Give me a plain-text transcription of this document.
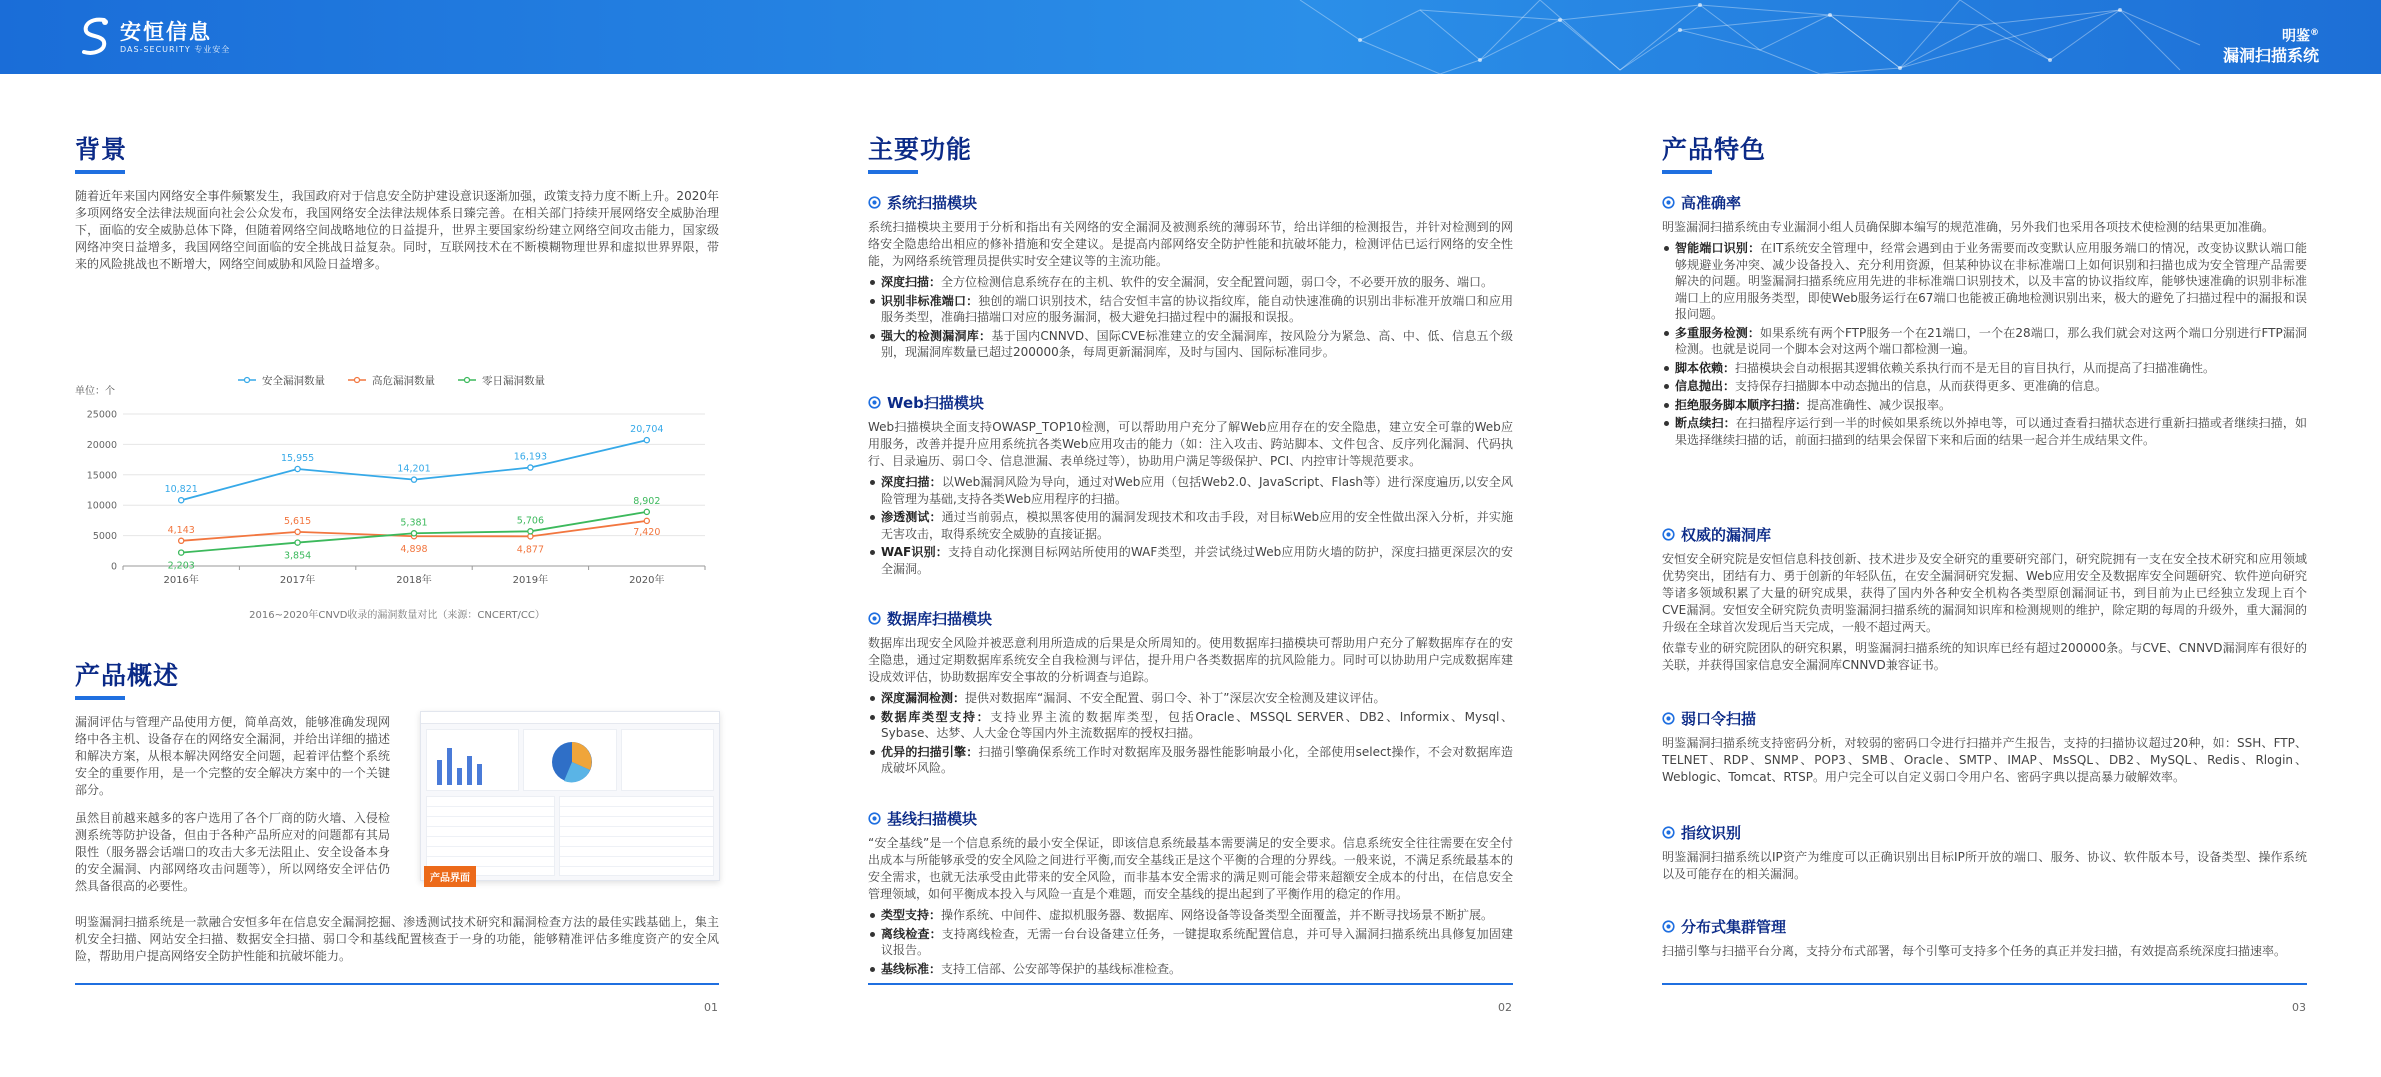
安恒信息
DAS-SECURITY 专业安全
明鉴®
漏洞扫描系统
背景
随着近年来国内网络安全事件频繁发生，我国政府对于信息安全防护建设意识逐渐加强，政策支持力度不断上升。2020年多项网络安全法律法规面向社会公众发布，我国网络安全法律法规体系日臻完善。在相关部门持续开展网络安全威胁治理下，面临的安全威胁总体下降，但随着网络空间战略地位的日益提升，世界主要国家纷纷建立网络空间攻击能力，国家级网络冲突日益增多，我国网络空间面临的安全挑战日益复杂。同时，互联网技术在不断模糊物理世界和虚拟世界界限，带来的风险挑战也不断增大，网络空间威胁和风险日益增多。
单位：个
安全漏洞数量	高危漏洞数量	零日漏洞数量
25000
20000
15000
10000
5000
0
2016年	2017年	2018年	2019年	2020年
10,821
15,955
14,201
16,193
20,704
4,143
5,615
4,898	4,877
7,420
2,203
3,854
5,381	5,706
8,902
2016~2020年CNVD收录的漏洞数量对比（来源：CNCERT/CC）
产品概述
漏洞评估与管理产品使用方便，简单高效，能够准确发现网络中各主机、设备存在的网络安全漏洞，并给出详细的描述和解决方案，从根本解决网络安全问题，起着评估整个系统安全的重要作用，是一个完整的安全解决方案中的一个关键部分。
虽然目前越来越多的客户选用了各个厂商的防火墙、入侵检测系统等防护设备，但由于各种产品所应对的问题都有其局限性（服务器会话端口的攻击大多无法阻止、安全设备本身的安全漏洞、内部网络攻击问题等），所以网络安全评估仍然具备很高的必要性。
明鉴漏洞扫描系统是一款融合安恒多年在信息安全漏洞挖掘、渗透测试技术研究和漏洞检查方法的最佳实践基础上，集主机安全扫描、网站安全扫描、数据安全扫描、弱口令和基线配置核查于一身的功能，能够精准评估多维度资产的安全风险，帮助用户提高网络安全防护性能和抗破坏能力。
产品界面
01
主要功能
系统扫描模块
系统扫描模块主要用于分析和指出有关网络的安全漏洞及被测系统的薄弱环节，给出详细的检测报告，并针对检测到的网络安全隐患给出相应的修补措施和安全建议。是提高内部网络安全防护性能和抗破坏能力，检测评估已运行网络的安全性能，为网络系统管理员提供实时安全建议等的主流功能。
深度扫描：全方位检测信息系统存在的主机、软件的安全漏洞，安全配置问题，弱口令，不必要开放的服务、端口。
识别非标准端口：独创的端口识别技术，结合安恒丰富的协议指纹库，能自动快速准确的识别出非标准开放端口和应用服务类型，准确扫描端口对应的服务漏洞，极大避免扫描过程中的漏报和误报。
强大的检测漏洞库：基于国内CNNVD、国际CVE标准建立的安全漏洞库，按风险分为紧急、高、中、低、信息五个级别，现漏洞库数量已超过200000条，每周更新漏洞库，及时与国内、国际标准同步。
Web扫描模块
Web扫描模块全面支持OWASP_TOP10检测，可以帮助用户充分了解Web应用存在的安全隐患，建立安全可靠的Web应用服务，改善并提升应用系统抗各类Web应用攻击的能力（如：注入攻击、跨站脚本、文件包含、反序列化漏洞、代码执行、目录遍历、弱口令、信息泄漏、表单绕过等），协助用户满足等级保护、PCI、内控审计等规范要求。
深度扫描：以Web漏洞风险为导向，通过对Web应用（包括Web2.0、JavaScript、Flash等）进行深度遍历,以安全风险管理为基础,支持各类Web应用程序的扫描。
渗透测试：通过当前弱点，模拟黑客使用的漏洞发现技术和攻击手段，对目标Web应用的安全性做出深入分析，并实施无害攻击，取得系统安全威胁的直接证据。
WAF识别：支持自动化探测目标网站所使用的WAF类型，并尝试绕过Web应用防火墙的防护，深度扫描更深层次的安全漏洞。
数据库扫描模块
数据库出现安全风险并被恶意利用所造成的后果是众所周知的。使用数据库扫描模块可帮助用户充分了解数据库存在的安全隐患，通过定期数据库系统安全自我检测与评估，提升用户各类数据库的抗风险能力。同时可以协助用户完成数据库建设成效评估，协助数据库安全事故的分析调查与追踪。
深度漏洞检测：提供对数据库“漏洞、不安全配置、弱口令、补丁”深层次安全检测及建议评估。
数据库类型支持：支持业界主流的数据库类型，包括Oracle、MSSQL SERVER、DB2、Informix、Mysql、Sybase、达梦、人大金仓等国内外主流数据库的授权扫描。
优异的扫描引擎：扫描引擎确保系统工作时对数据库及服务器性能影响最小化，全部使用select操作，不会对数据库造成破坏风险。
基线扫描模块
“安全基线”是一个信息系统的最小安全保证，即该信息系统最基本需要满足的安全要求。信息系统安全往往需要在安全付出成本与所能够承受的安全风险之间进行平衡,而安全基线正是这个平衡的合理的分界线。一般来说，不满足系统最基本的安全需求，也就无法承受由此带来的安全风险，而非基本安全需求的满足则可能会带来超额安全成本的付出，在信息安全管理领域，如何平衡成本投入与风险一直是个难题，而安全基线的提出起到了平衡作用的稳定的作用。
类型支持：操作系统、中间件、虚拟机服务器、数据库、网络设备等设备类型全面覆盖，并不断寻找场景不断扩展。
离线检查：支持离线检查，无需一台台设备建立任务，一键提取系统配置信息，并可导入漏洞扫描系统出具修复加固建议报告。
基线标准：支持工信部、公安部等保护的基线标准检查。
02
产品特色
高准确率
明鉴漏洞扫描系统由专业漏洞小组人员确保脚本编写的规范准确，另外我们也采用各项技术使检测的结果更加准确。
智能端口识别：在IT系统安全管理中，经常会遇到由于业务需要而改变默认应用服务端口的情况，改变协议默认端口能够规避业务冲突、减少设备投入、充分利用资源，但某种协议在非标准端口上如何识别和扫描也成为安全管理产品需要解决的问题。明鉴漏洞扫描系统应用先进的非标准端口识别技术，以及丰富的协议指纹库，能够快速准确的识别非标准端口上的应用服务类型，即使Web服务运行在67端口也能被正确地检测识别出来，极大的避免了扫描过程中的漏报和误报问题。
多重服务检测：如果系统有两个FTP服务一个在21端口，一个在28端口，那么我们就会对这两个端口分别进行FTP漏洞检测。也就是说同一个脚本会对这两个端口都检测一遍。
脚本依赖：扫描模块会自动根据其逻辑依赖关系执行而不是无目的盲目执行，从而提高了扫描准确性。
信息抛出：支持保存扫描脚本中动态抛出的信息，从而获得更多、更准确的信息。
拒绝服务脚本顺序扫描：提高准确性、减少误报率。
断点续扫：在扫描程序运行到一半的时候如果系统以外掉电等，可以通过查看扫描状态进行重新扫描或者继续扫描，如果选择继续扫描的话，前面扫描到的结果会保留下来和后面的结果一起合并生成结果文件。
权威的漏洞库
安恒安全研究院是安恒信息科技创新、技术进步及安全研究的重要研究部门，研究院拥有一支在安全技术研究和应用领域优势突出，团结有力、勇于创新的年轻队伍，在安全漏洞研究发掘、Web应用安全及数据库安全问题研究、软件逆向研究等诸多领域积累了大量的研究成果，获得了国内外各种安全机构各类型原创漏洞证书，到目前为止已经独立发现上百个CVE漏洞。安恒安全研究院负责明鉴漏洞扫描系统的漏洞知识库和检测规则的维护，除定期的每周的升级外，重大漏洞的升级在全球首次发现后当天完成，一般不超过两天。
依靠专业的研究院团队的研究积累，明鉴漏洞扫描系统的知识库已经有超过200000条。与CVE、CNNVD漏洞库有很好的关联，并获得国家信息安全漏洞库CNNVD兼容证书。
弱口令扫描
明鉴漏洞扫描系统支持密码分析，对较弱的密码口令进行扫描并产生报告，支持的扫描协议超过20种，如：SSH、FTP、TELNET、RDP、SNMP、POP3、SMB、Oracle、SMTP、IMAP、MsSQL、DB2、MySQL、Redis、Rlogin、Weblogic、Tomcat、RTSP。用户完全可以自定义弱口令用户名、密码字典以提高暴力破解效率。
指纹识别
明鉴漏洞扫描系统以IP资产为维度可以正确识别出目标IP所开放的端口、服务、协议、软件版本号，设备类型、操作系统以及可能存在的相关漏洞。
分布式集群管理
扫描引擎与扫描平台分离，支持分布式部署，每个引擎可支持多个任务的真正并发扫描，有效提高系统深度扫描速率。
03
